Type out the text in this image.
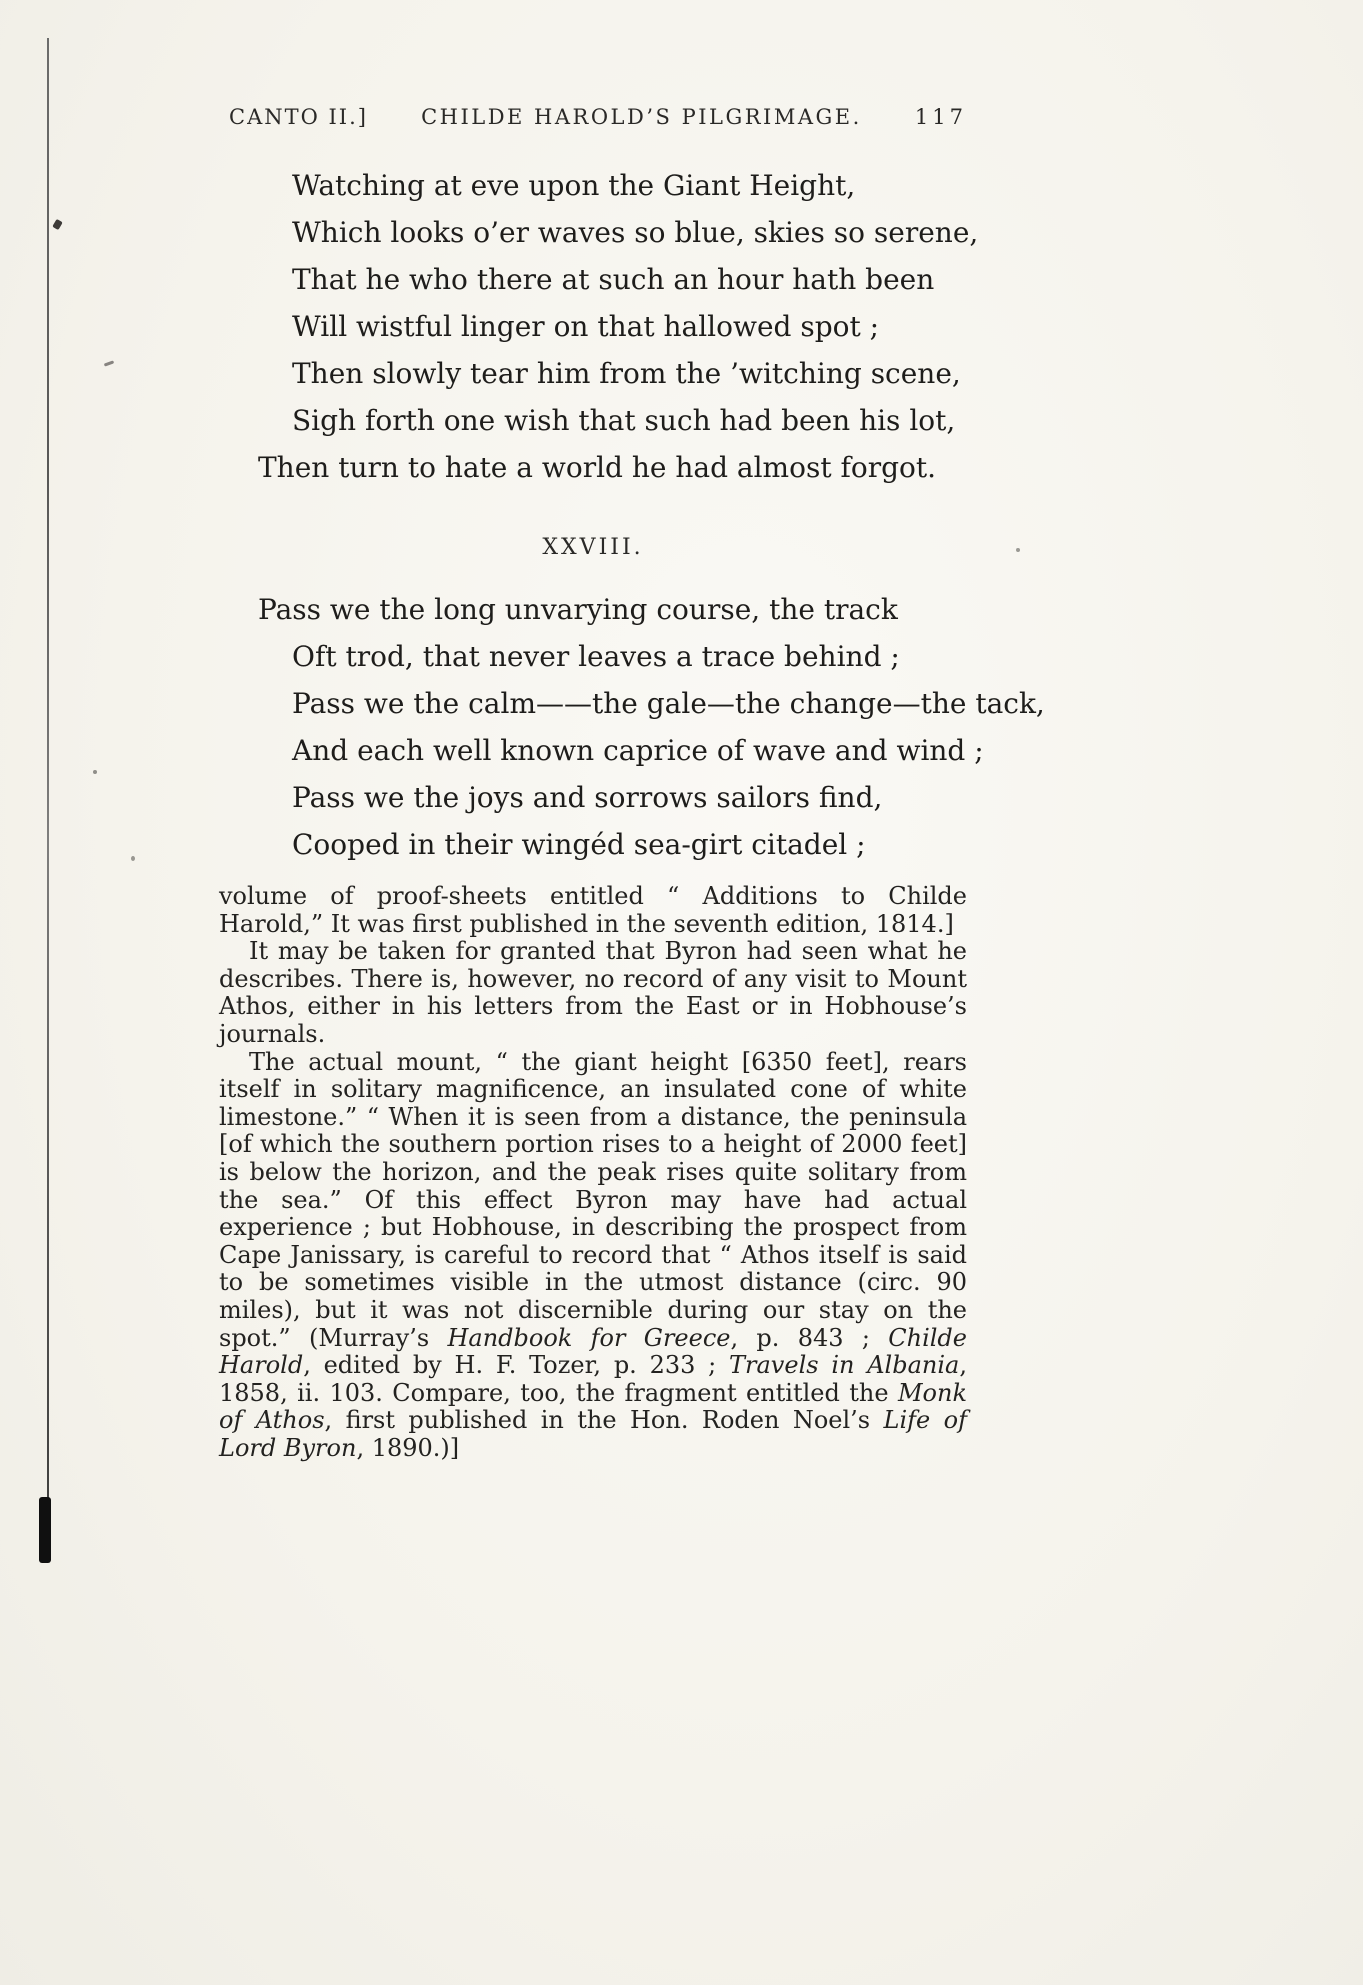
CANTO II.]	CHILDE HAROLD’S PILGRIMAGE.	117
Watching at eve upon the Giant Height,
Which looks o’er waves so blue, skies so serene,
That he who there at such an hour hath been
Will wistful linger on that hallowed spot ;
Then slowly tear him from the ’witching scene,
Sigh forth one wish that such had been his lot,
Then turn to hate a world he had almost forgot.
XXVIII.
Pass we the long unvarying course, the track
Oft trod, that never leaves a trace behind ;
Pass we the calm——the gale—the change—the tack,
And each well known caprice of wave and wind ;
Pass we the joys and sorrows sailors find,
Cooped in their wingéd sea-girt citadel ;

volume of proof-sheets entitled “ Additions to Childe Harold,” It was first published in the seventh edition, 1814.]

It may be taken for granted that Byron had seen what he describes. There is, however, no record of any visit to Mount Athos, either in his letters from the East or in Hobhouse’s journals.

The actual mount, “ the giant height [6350 feet], rears itself in solitary magnificence, an insulated cone of white limestone.” “ When it is seen from a distance, the peninsula [of which the southern portion rises to a height of 2000 feet] is below the horizon, and the peak rises quite solitary from the sea.” Of this effect Byron may have had actual experience ; but Hobhouse, in describing the prospect from Cape Janissary, is careful to record that “ Athos itself is said to be sometimes visible in the utmost distance (circ. 90 miles), but it was not discernible during our stay on the spot.” (Murray’s Handbook for Greece, p. 843 ; Childe Harold, edited by H. F. Tozer, p. 233 ; Travels in Albania, 1858, ii. 103. Compare, too, the fragment entitled the Monk of Athos, first published in the Hon. Roden Noel’s Life of Lord Byron, 1890.)]
